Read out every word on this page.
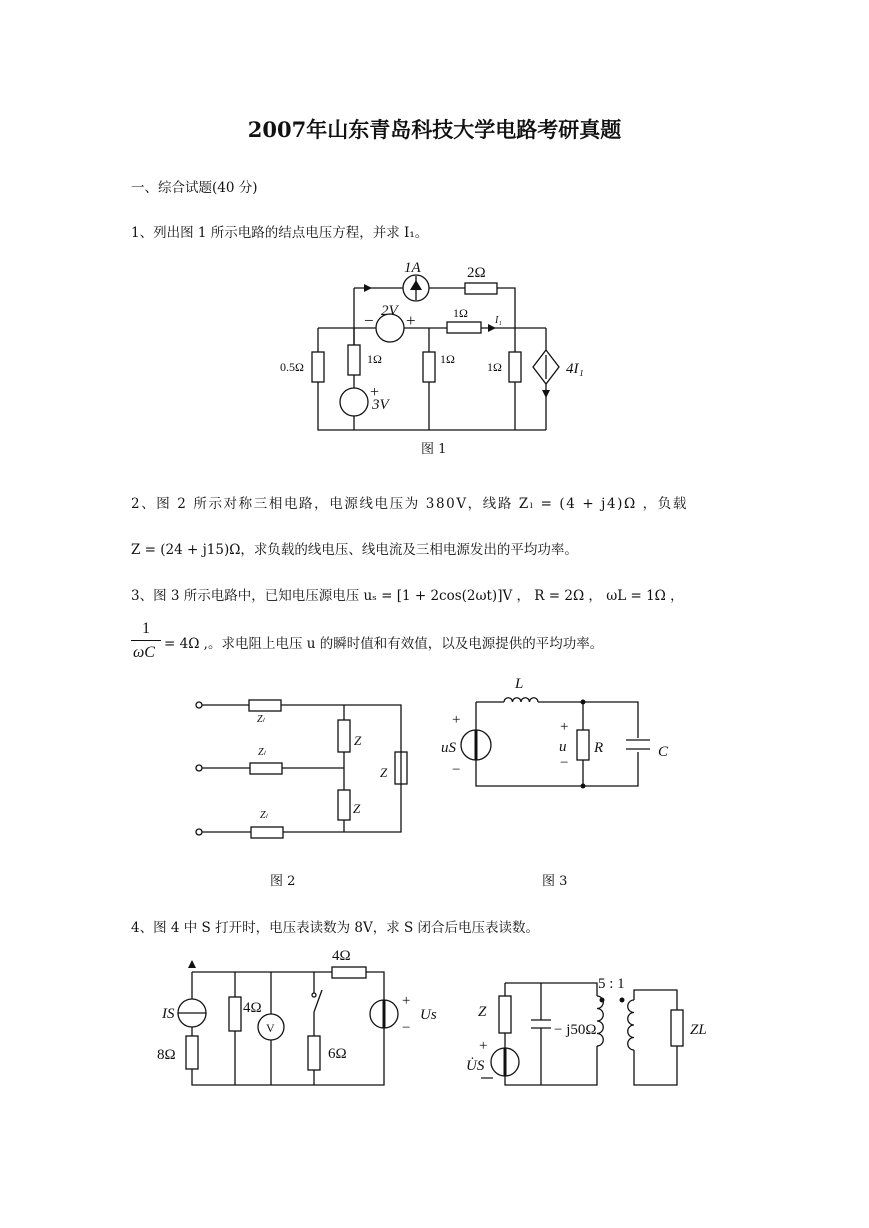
2007年山东青岛科技大学电路考研真题
一、综合试题(40 分)
1、列出图 1 所示电路的结点电压方程，并求 I₁。
1A	2Ω
2V
− +	1Ω
I₁
0.5Ω
1Ω	1Ω
1Ω	4I₁
+
3V
图 1
2、图 2 所示对称三相电路，电源线电压为 380V，线路 Zₗ = (4 + j4)Ω ，负载
Z = (24 + j15)Ω，求负载的线电压、线电流及三相电源发出的平均功率。
3、图 3 所示电路中，已知电压源电压 uₛ = [1 + 2cos(2ωt)]V ， R = 2Ω ， ωL = 1Ω ，
1
ωC = 4Ω ,。求电阻上电压 u 的瞬时值和有效值，以及电源提供的平均功率。
Zₗ
Zₗ
Zₗ
Z
Z
Z
图 2
L
+
uS
−
+
u
−
R	C
图 3
4、图 4 中 S 打开时，电压表读数为 8V，求 S 闭合后电压表读数。
4Ω
IS	4Ω
V
8Ω	6Ω
+
Us
−
5 : 1
Z
+
U̇S
− j50Ω	ZL
